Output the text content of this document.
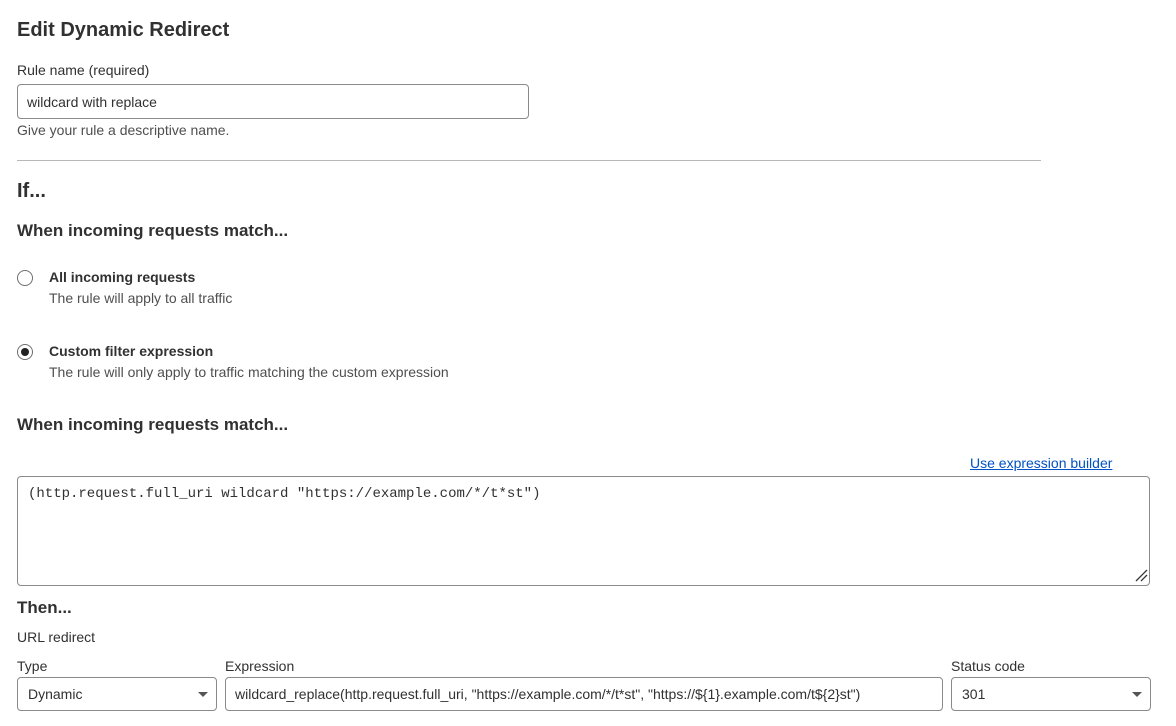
Edit Dynamic Redirect
Rule name (required)
wildcard with replace
Give your rule a descriptive name.
If...
When incoming requests match...
All incoming requests
The rule will apply to all traffic
Custom filter expression
The rule will only apply to traffic matching the custom expression
When incoming requests match...
Use expression builder
(http.request.full_uri wildcard "https://example.com/*/t*st")
Then...
URL redirect
Type
Dynamic
Expression
wildcard_replace(http.request.full_uri, "https://example.com/*/t*st", "https://${1}.example.com/t${2}st")	Status code
301
